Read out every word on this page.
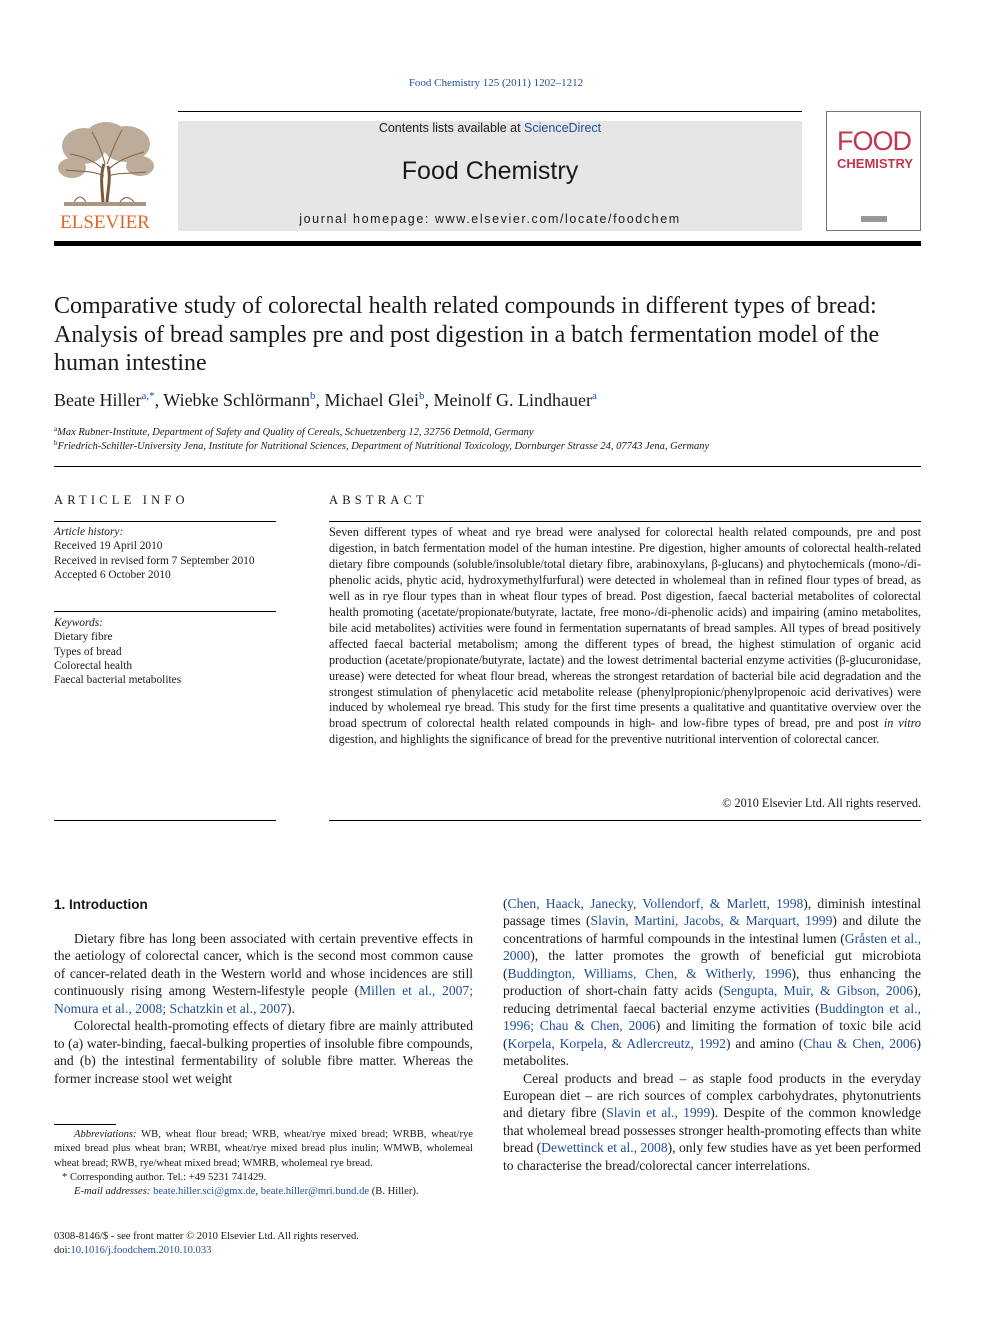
Food Chemistry 125 (2011) 1202–1212
ELSEVIER
Contents lists available at ScienceDirect
Food Chemistry
journal homepage: www.elsevier.com/locate/foodchem
FOOD
CHEMISTRY
Comparative study of colorectal health related compounds in different types of bread: Analysis of bread samples pre and post digestion in a batch fermentation model of the human intestine
Beate Hiller$^{a,*}$, Wiebke Schlörmann$^b$, Michael Glei$^b$, Meinolf G. Lindhauer$^a$
$^a$Max Rubner-Institute, Department of Safety and Quality of Cereals, Schuetzenberg 12, 32756 Detmold, Germany
$^b$Friedrich-Schiller-University Jena, Institute for Nutritional Sciences, Department of Nutritional Toxicology, Dornburger Strasse 24, 07743 Jena, Germany
ARTICLE INFO
Article history:
Received 19 April 2010
Received in revised form 7 September 2010
Accepted 6 October 2010
Keywords:
Dietary fibre
Types of bread
Colorectal health
Faecal bacterial metabolites
ABSTRACT
Seven different types of wheat and rye bread were analysed for colorectal health related compounds, pre and post digestion, in batch fermentation model of the human intestine. Pre digestion, higher amounts of colorectal health-related dietary fibre compounds (soluble/insoluble/total dietary fibre, arabinoxylans, β-glucans) and phytochemicals (mono-/di-phenolic acids, phytic acid, hydroxymethylfurfural) were detected in wholemeal than in refined flour types of bread, as well as in rye flour types than in wheat flour types of bread. Post digestion, faecal bacterial metabolites of colorectal health promoting (acetate/propionate/butyrate, lactate, free mono-/di-phenolic acids) and impairing (amino metabolites, bile acid metabolites) activities were found in fermentation supernatants of bread samples. All types of bread positively affected faecal bacterial metabolism; among the different types of bread, the highest stimulation of organic acid production (acetate/propionate/butyrate, lactate) and the lowest detrimental bacterial enzyme activities (β-glucuronidase, urease) were detected for wheat flour bread, whereas the strongest retardation of bacterial bile acid degradation and the strongest stimulation of phenylacetic acid metabolite release (phenylpropionic/phenylpropenoic acid derivatives) were induced by wholemeal rye bread. This study for the first time presents a qualitative and quantitative overview over the broad spectrum of colorectal health related compounds in high- and low-fibre types of bread, pre and post in vitro digestion, and highlights the significance of bread for the preventive nutritional intervention of colorectal cancer.
© 2010 Elsevier Ltd. All rights reserved.
1. Introduction

Dietary fibre has long been associated with certain preventive effects in the aetiology of colorectal cancer, which is the second most common cause of cancer-related death in the Western world and whose incidences are still continuously rising among Western-lifestyle people (Millen et al., 2007; Nomura et al., 2008; Schatzkin et al., 2007).

Colorectal health-promoting effects of dietary fibre are mainly attributed to (a) water-binding, faecal-bulking properties of insoluble fibre compounds, and (b) the intestinal fermentability of soluble fibre matter. Whereas the former increase stool wet weight

(Chen, Haack, Janecky, Vollendorf, & Marlett, 1998), diminish intestinal passage times (Slavin, Martini, Jacobs, & Marquart, 1999) and dilute the concentrations of harmful compounds in the intestinal lumen (Gråsten et al., 2000), the latter promotes the growth of beneficial gut microbiota (Buddington, Williams, Chen, & Witherly, 1996), thus enhancing the production of short-chain fatty acids (Sengupta, Muir, & Gibson, 2006), reducing detrimental faecal bacterial enzyme activities (Buddington et al., 1996; Chau & Chen, 2006) and limiting the formation of toxic bile acid (Korpela, Korpela, & Adlercreutz, 1992) and amino (Chau & Chen, 2006) metabolites.

Cereal products and bread – as staple food products in the everyday European diet – are rich sources of complex carbohydrates, phytonutrients and dietary fibre (Slavin et al., 1999). Despite of the common knowledge that wholemeal bread possesses stronger health-promoting effects than white bread (Dewettinck et al., 2008), only few studies have as yet been performed to characterise the bread/colorectal cancer interrelations.

Abbreviations: WB, wheat flour bread; WRB, wheat/rye mixed bread; WRBB, wheat/rye mixed bread plus wheat bran; WRBI, wheat/rye mixed bread plus inulin; WMWB, wholemeal wheat bread; RWB, rye/wheat mixed bread; WMRB, wholemeal rye bread.

* Corresponding author. Tel.: +49 5231 741429.

E-mail addresses: beate.hiller.sci@gmx.de, beate.hiller@mri.bund.de (B. Hiller).

0308-8146/$ - see front matter © 2010 Elsevier Ltd. All rights reserved.
doi:10.1016/j.foodchem.2010.10.033
